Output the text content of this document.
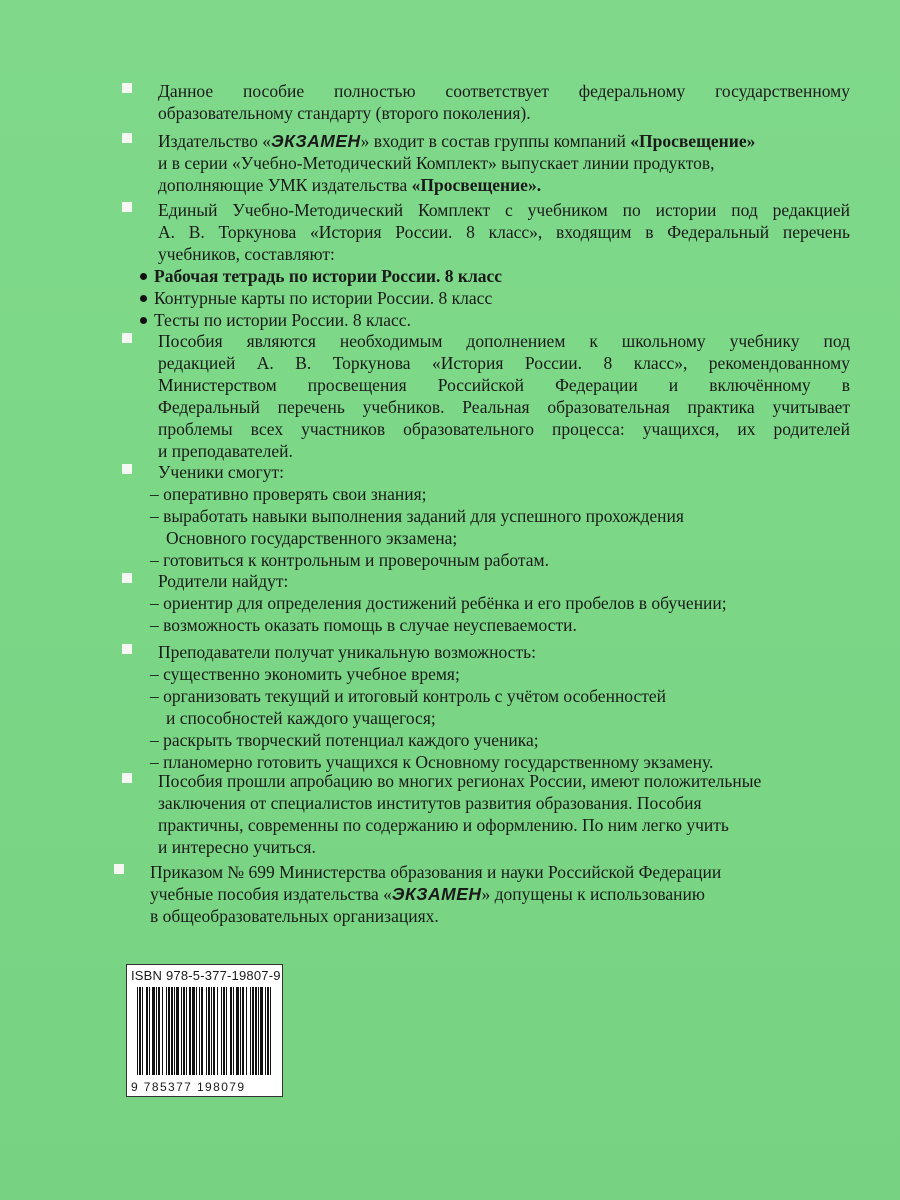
Данное пособие полностью соответствует федеральному государственному
образовательному стандарту (второго поколения).
Издательство «ЭКЗАМЕН» входит в состав группы компаний «Просвещение»
и в серии «Учебно-Методический Комплект» выпускает линии продуктов,
дополняющие УМК издательства «Просвещение».
Единый Учебно-Методический Комплект с учебником по истории под редакцией
А. В. Торкунова «История России. 8 класс», входящим в Федеральный перечень
учебников, составляют:
Рабочая тетрадь по истории России. 8 класс
Контурные карты по истории России. 8 класс
Тесты по истории России. 8 класс.
Пособия являются необходимым дополнением к школьному учебнику под
редакцией А. В. Торкунова «История России. 8 класс», рекомендованному
Министерством просвещения Российской Федерации и включённому в
Федеральный перечень учебников. Реальная образовательная практика учитывает
проблемы всех участников образовательного процесса: учащихся, их родителей
и преподавателей.
Ученики смогут:
– оперативно проверять свои знания;
– выработать навыки выполнения заданий для успешного прохождения
Основного государственного экзамена;
– готовиться к контрольным и проверочным работам.
Родители найдут:
– ориентир для определения достижений ребёнка и его пробелов в обучении;
– возможность оказать помощь в случае неуспеваемости.
Преподаватели получат уникальную возможность:
– существенно экономить учебное время;
– организовать текущий и итоговый контроль с учётом особенностей
и способностей каждого учащегося;
– раскрыть творческий потенциал каждого ученика;
– планомерно готовить учащихся к Основному государственному экзамену.
Пособия прошли апробацию во многих регионах России, имеют положительные
заключения от специалистов институтов развития образования. Пособия
практичны, современны по содержанию и оформлению. По ним легко учить
и интересно учиться.
Приказом № 699 Министерства образования и науки Российской Федерации
учебные пособия издательства «ЭКЗАМЕН» допущены к использованию
в общеобразовательных организациях.
ISBN 978-5-377-19807-9
9 785377 198079
